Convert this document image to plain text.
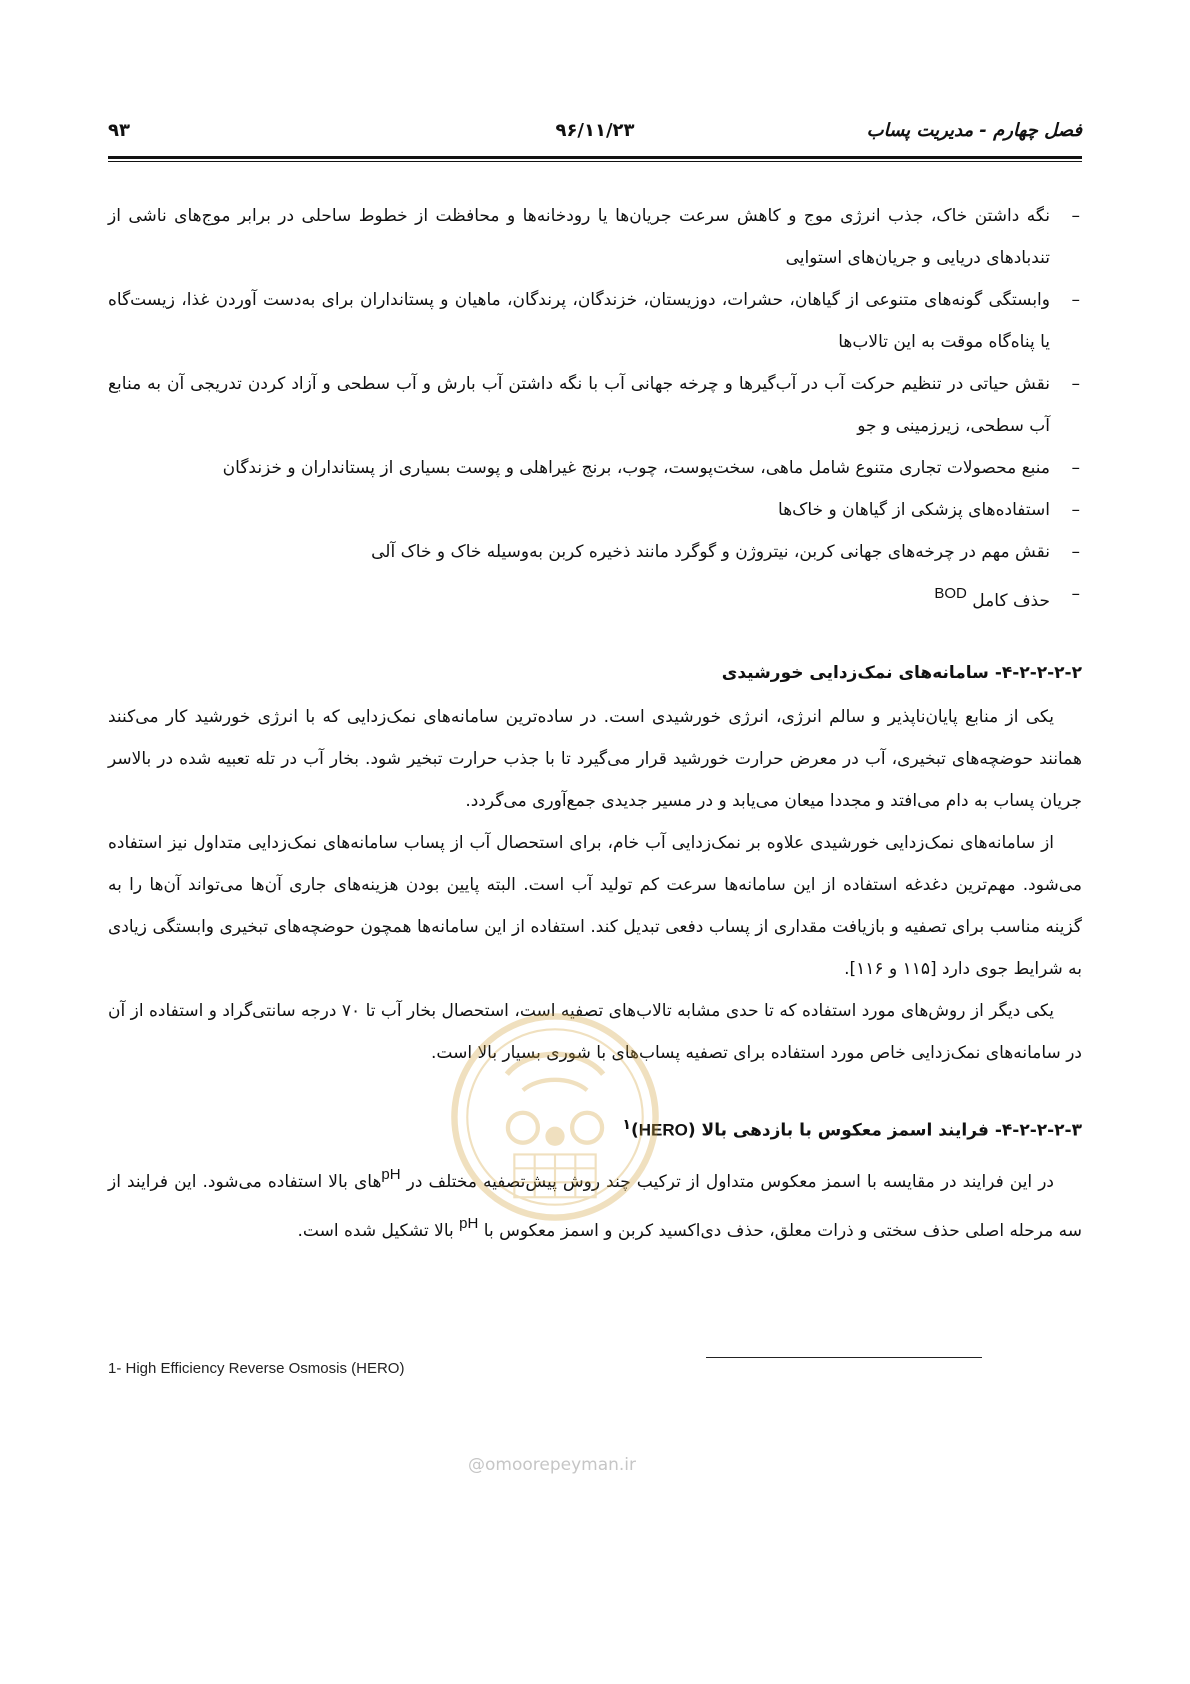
فصل چهارم - مدیریت پساب
۹۶/۱۱/۲۳
۹۳
–
نگه داشتن خاک، جذب انرژی موج و کاهش سرعت جریان‌ها یا رودخانه‌ها و محافظت از خطوط ساحلی در برابر موج‌های ناشی از تندبادهای دریایی و جریان‌های استوایی
–
وابستگی گونه‌های متنوعی از گیاهان، حشرات، دوزیستان، خزندگان، پرندگان، ماهیان و پستانداران برای به‌دست آوردن غذا، زیست‌گاه یا پناه‌گاه موقت به این تالاب‌ها
–
نقش حیاتی در تنظیم حرکت آب در آب‌گیرها و چرخه جهانی آب با نگه داشتن آب بارش و آب سطحی و آزاد کردن تدریجی آن به منابع آب سطحی، زیرزمینی و جو
–
منبع محصولات تجاری متنوع شامل ماهی، سخت‌پوست، چوب، برنج غیراهلی و پوست بسیاری از پستانداران و خزندگان
–
استفاده‌های پزشکی از گیاهان و خاک‌ها
–
نقش مهم در چرخه‌های جهانی کربن، نیتروژن و گوگرد مانند ذخیره کربن به‌وسیله خاک و خاک آلی
–
حذف کامل BOD
۴-۲-۲-۲-۲- سامانه‌های نمک‌زدایی خورشیدی

یکی از منابع پایان‌ناپذیر و سالم انرژی، انرژی خورشیدی است. در ساده‌ترین سامانه‌های نمک‌زدایی که با انرژی خورشید کار می‌کنند همانند حوضچه‌های تبخیری، آب در معرض حرارت خورشید قرار می‌گیرد تا با جذب حرارت تبخیر شود. بخار آب در تله تعبیه شده در بالاسر جریان پساب به دام می‌افتد و مجددا میعان می‌یابد و در مسیر جدیدی جمع‌آوری می‌گردد.

از سامانه‌های نمک‌زدایی خورشیدی علاوه بر نمک‌زدایی آب خام، برای استحصال آب از پساب سامانه‌های نمک‌زدایی متداول نیز استفاده می‌شود. مهم‌ترین دغدغه استفاده از این سامانه‌ها سرعت کم تولید آب است. البته پایین بودن هزینه‌های جاری آن‌ها می‌تواند آن‌ها را به گزینه مناسب برای تصفیه و بازیافت مقداری از پساب دفعی تبدیل کند. استفاده از این سامانه‌ها همچون حوضچه‌های تبخیری وابستگی زیادی به شرایط جوی دارد [۱۱۵ و ۱۱۶].

یکی دیگر از روش‌های مورد استفاده که تا حدی مشابه تالاب‌های تصفیه است، استحصال بخار آب تا ۷۰ درجه سانتی‌گراد و استفاده از آن در سامانه‌های نمک‌زدایی خاص مورد استفاده برای تصفیه پساب‌های با شوری بسیار بالا است.

۴-۲-۲-۲-۳- فرایند اسمز معکوس با بازدهی بالا (HERO)$^۱$

در این فرایند در مقایسه با اسمز معکوس متداول از ترکیب چند روش پیش‌تصفیه مختلف در pHهای بالا استفاده می‌شود. این فرایند از سه مرحله اصلی حذف سختی و ذرات معلق، حذف دی‌اکسید کربن و اسمز معکوس با pH بالا تشکیل شده است.

1- High Efficiency Reverse Osmosis (HERO)
@omoorepeyman.ir
